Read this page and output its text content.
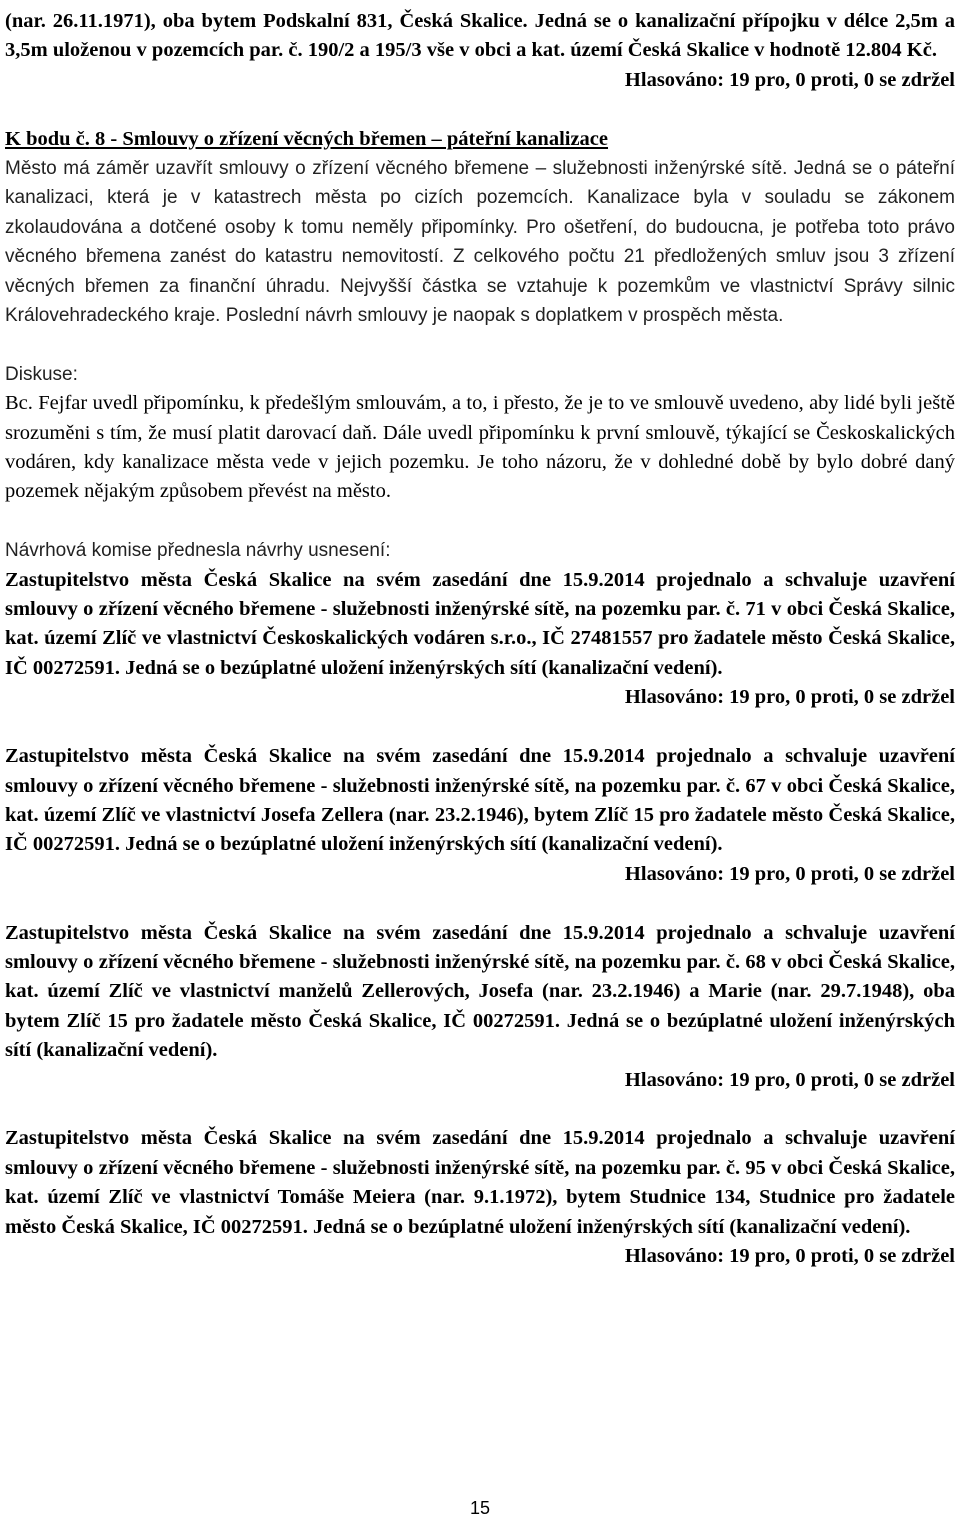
(nar. 26.11.1971), oba bytem Podskalní 831, Česká Skalice. Jedná se o kanalizační přípojku v délce 2,5m a 3,5m uloženou v pozemcích par. č. 190/2 a 195/3 vše v obci a kat. území Česká Skalice v hodnotě 12.804 Kč.

Hlasováno: 19 pro, 0 proti, 0 se zdržel

K bodu č. 8 - Smlouvy o zřízení věcných břemen – páteřní kanalizace

Město má záměr uzavřít smlouvy o zřízení věcného břemene – služebnosti inženýrské sítě. Jedná se o páteřní kanalizaci, která je v katastrech města po cizích pozemcích. Kanalizace byla v souladu se zákonem zkolaudována a dotčené osoby k tomu neměly připomínky. Pro ošetření, do budoucna, je potřeba toto právo věcného břemena zanést do katastru nemovitostí. Z celkového počtu 21 předložených smluv jsou 3 zřízení věcných břemen za finanční úhradu. Nejvyšší částka se vztahuje k pozemkům ve vlastnictví Správy silnic Královehradeckého kraje. Poslední návrh smlouvy je naopak s doplatkem v prospěch města.

Diskuse:

Bc. Fejfar uvedl připomínku, k předešlým smlouvám, a to, i přesto, že je to ve smlouvě uvedeno, aby lidé byli ještě srozuměni s tím, že musí platit darovací daň. Dále uvedl připomínku k první smlouvě, týkající se Českoskalických vodáren, kdy kanalizace města vede v jejich pozemku. Je toho názoru, že v dohledné době by bylo dobré daný pozemek nějakým způsobem převést na město.

Návrhová komise přednesla návrhy usnesení:

Zastupitelstvo města Česká Skalice na svém zasedání dne 15.9.2014 projednalo a schvaluje uzavření smlouvy o zřízení věcného břemene - služebnosti inženýrské sítě, na pozemku par. č. 71 v obci Česká Skalice, kat. území Zlíč ve vlastnictví Českoskalických vodáren s.r.o., IČ 27481557 pro žadatele město Česká Skalice, IČ 00272591. Jedná se o bezúplatné uložení inženýrských sítí (kanalizační vedení).

Hlasováno: 19 pro, 0 proti, 0 se zdržel

Zastupitelstvo města Česká Skalice na svém zasedání dne 15.9.2014 projednalo a schvaluje uzavření smlouvy o zřízení věcného břemene - služebnosti inženýrské sítě, na pozemku par. č. 67 v obci Česká Skalice, kat. území Zlíč ve vlastnictví Josefa Zellera (nar. 23.2.1946), bytem Zlíč 15 pro žadatele město Česká Skalice, IČ 00272591. Jedná se o bezúplatné uložení inženýrských sítí (kanalizační vedení).

Hlasováno: 19 pro, 0 proti, 0 se zdržel

Zastupitelstvo města Česká Skalice na svém zasedání dne 15.9.2014 projednalo a schvaluje uzavření smlouvy o zřízení věcného břemene - služebnosti inženýrské sítě, na pozemku par. č. 68 v obci Česká Skalice, kat. území Zlíč ve vlastnictví manželů Zellerových, Josefa (nar. 23.2.1946) a Marie (nar. 29.7.1948), oba bytem Zlíč 15 pro žadatele město Česká Skalice, IČ 00272591. Jedná se o bezúplatné uložení inženýrských sítí (kanalizační vedení).

Hlasováno: 19 pro, 0 proti, 0 se zdržel

Zastupitelstvo města Česká Skalice na svém zasedání dne 15.9.2014 projednalo a schvaluje uzavření smlouvy o zřízení věcného břemene - služebnosti inženýrské sítě, na pozemku par. č. 95 v obci Česká Skalice, kat. území Zlíč ve vlastnictví Tomáše Meiera (nar. 9.1.1972), bytem Studnice 134, Studnice pro žadatele město Česká Skalice, IČ 00272591. Jedná se o bezúplatné uložení inženýrských sítí (kanalizační vedení).

Hlasováno: 19 pro, 0 proti, 0 se zdržel

15
